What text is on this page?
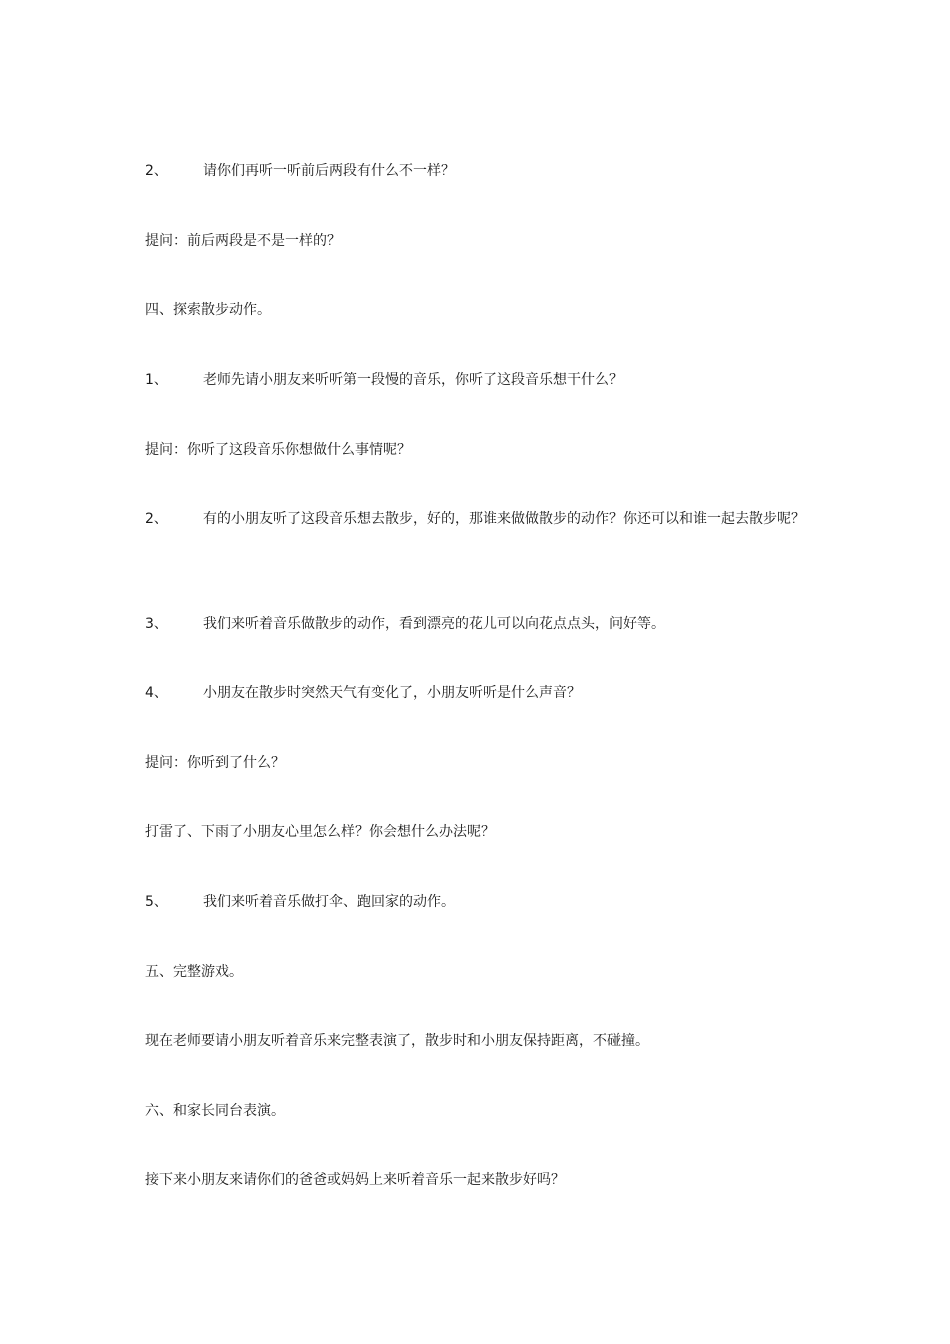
2、	请你们再听一听前后两段有什么不一样？
提问：前后两段是不是一样的？
四、探索散步动作。
1、	老师先请小朋友来听听第一段慢的音乐，你听了这段音乐想干什么？
提问：你听了这段音乐你想做什么事情呢？
2、	有的小朋友听了这段音乐想去散步，好的，那谁来做做散步的动作？你还可以和谁一起去散步呢？
3、	我们来听着音乐做散步的动作，看到漂亮的花儿可以向花点点头，问好等。
4、	小朋友在散步时突然天气有变化了，小朋友听听是什么声音？
提问：你听到了什么？
打雷了、下雨了小朋友心里怎么样？你会想什么办法呢？
5、	我们来听着音乐做打伞、跑回家的动作。
五、完整游戏。
现在老师要请小朋友听着音乐来完整表演了，散步时和小朋友保持距离，不碰撞。
六、和家长同台表演。
接下来小朋友来请你们的爸爸或妈妈上来听着音乐一起来散步好吗？
